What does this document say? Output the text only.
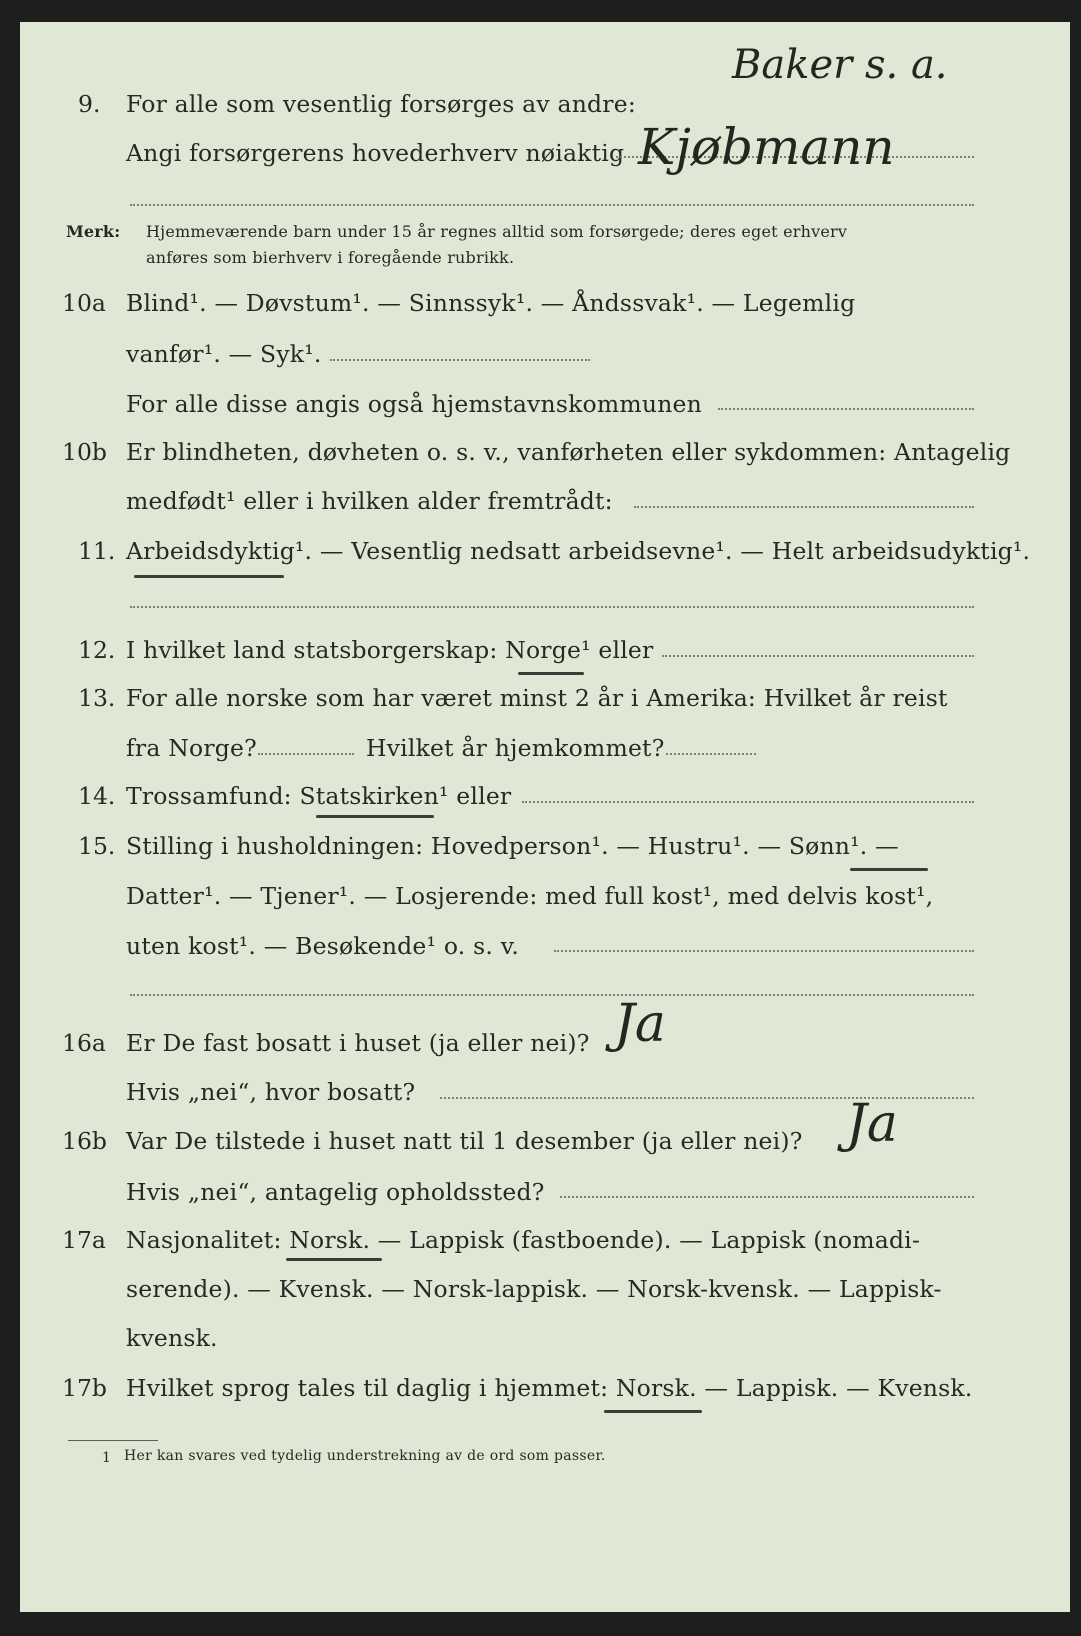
Baker s. a.
9. For alle som vesentlig forsørges av andre:
Angi forsørgerens hovederhverv nøiaktig Kjøbmann
Merk: Hjemmeværende barn under 15 år regnes alltid som forsørgede; deres eget erhverv
anføres som bierhverv i foregående rubrikk.
10a Blind¹. — Døvstum¹. — Sinnssyk¹. — Åndssvak¹. — Legemlig
vanfør¹. — Syk¹.
For alle disse angis også hjemstavnskommunen
10b Er blindheten, døvheten o. s. v., vanførheten eller sykdommen: Antagelig
medfødt¹ eller i hvilken alder fremtrådt:
11. Arbeidsdyktig¹. — Vesentlig nedsatt arbeidsevne¹. — Helt arbeidsudyktig¹.
12. I hvilket land statsborgerskap: Norge¹ eller
13. For alle norske som har været minst 2 år i Amerika: Hvilket år reist
fra Norge?	Hvilket år hjemkommet?
14. Trossamfund: Statskirken¹ eller
15. Stilling i husholdningen: Hovedperson¹. — Hustru¹. — Sønn¹. —
Datter¹. — Tjener¹. — Losjerende: med full kost¹, med delvis kost¹,
uten kost¹. — Besøkende¹ o. s. v.
16a Er De fast bosatt i huset (ja eller nei)? Ja
Hvis „nei“, hvor bosatt?
16b Var De tilstede i huset natt til 1 desember (ja eller nei)? Ja
Hvis „nei“, antagelig opholdssted?
17a Nasjonalitet: Norsk. — Lappisk (fastboende). — Lappisk (nomadi-
serende). — Kvensk. — Norsk-lappisk. — Norsk-kvensk. — Lappisk-
kvensk.
17b Hvilket sprog tales til daglig i hjemmet: Norsk. — Lappisk. — Kvensk.
1 Her kan svares ved tydelig understrekning av de ord som passer.
